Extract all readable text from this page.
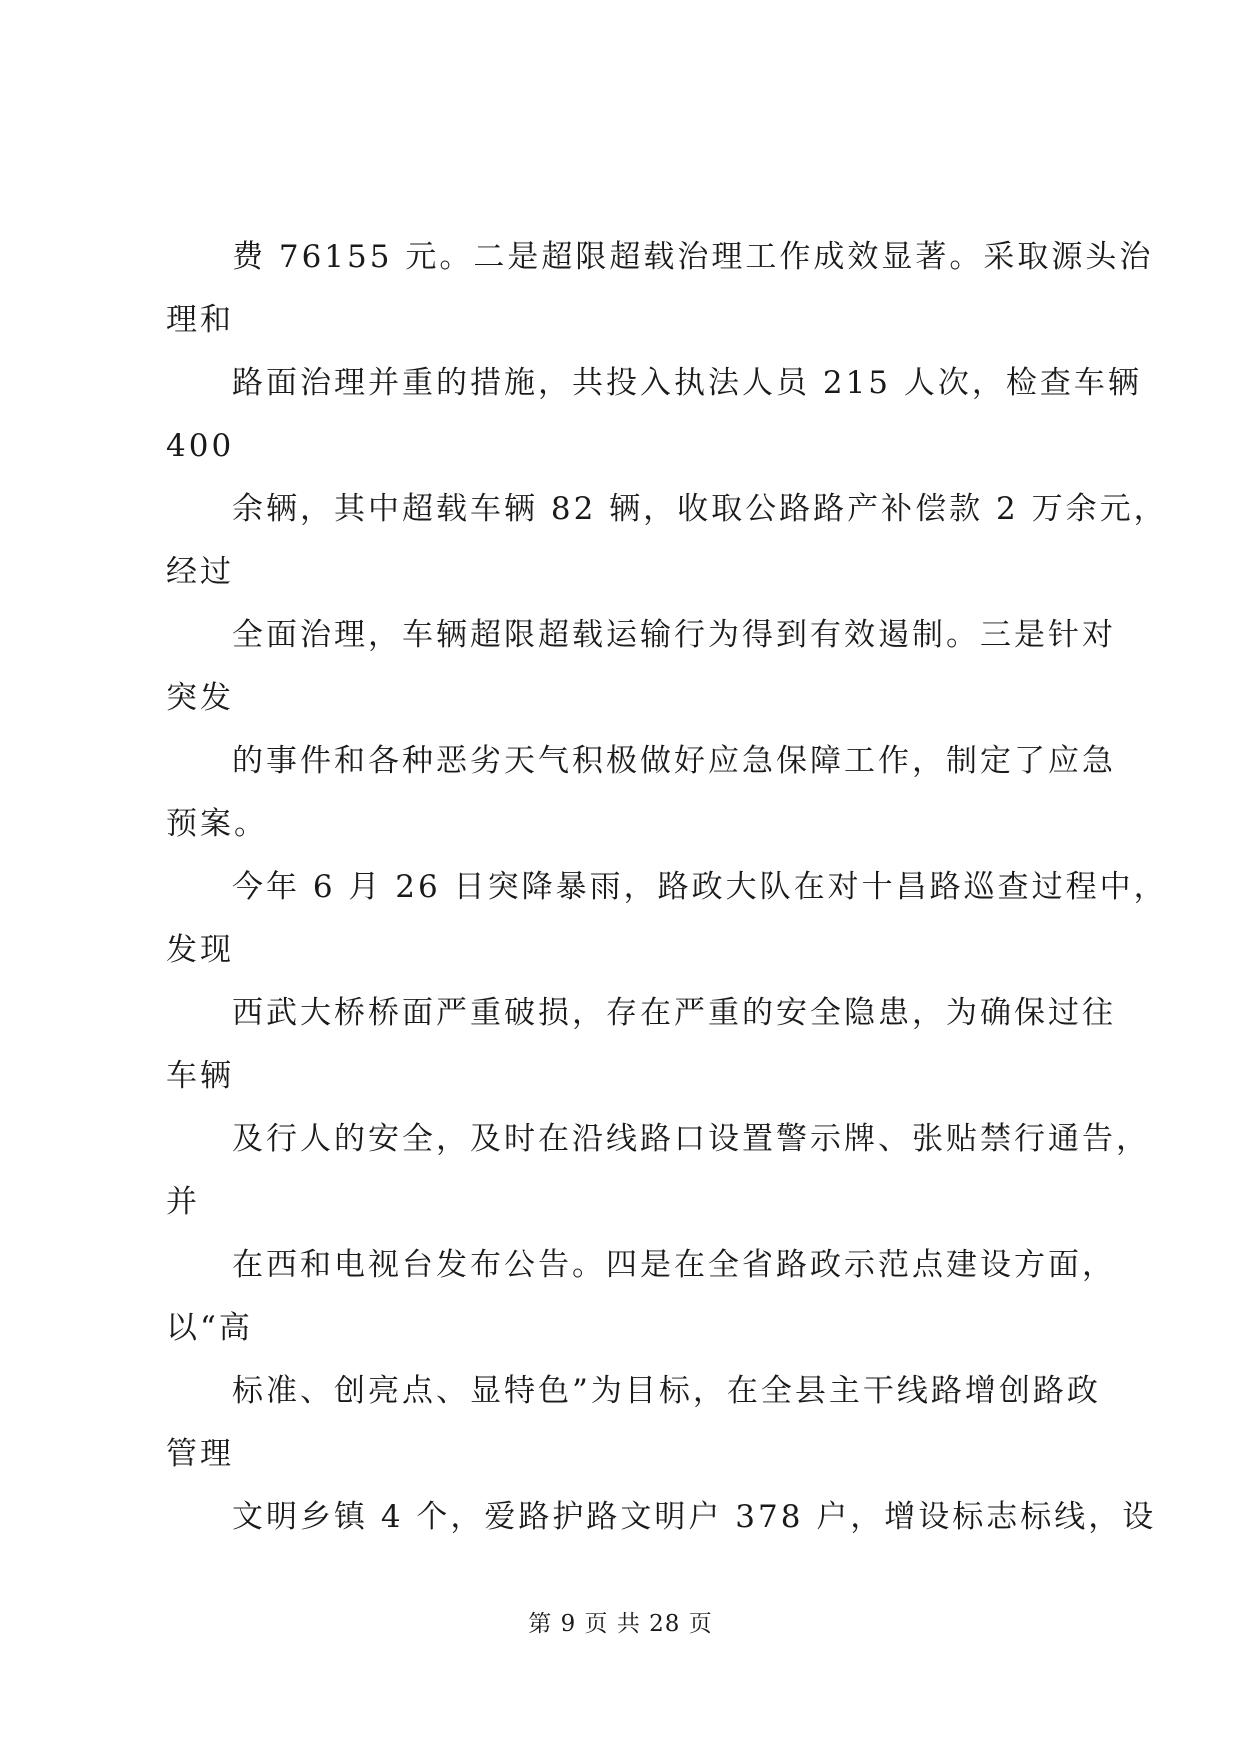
费 76155 元。二是超限超载治理工作成效显著。采取源头治
理和
路面治理并重的措施，共投入执法人员 215 人次，检查车辆
400
余辆，其中超载车辆 82 辆，收取公路路产补偿款 2 万余元，
经过
全面治理，车辆超限超载运输行为得到有效遏制。三是针对
突发
的事件和各种恶劣天气积极做好应急保障工作，制定了应急
预案。
今年 6 月 26 日突降暴雨，路政大队在对十昌路巡查过程中，
发现
西武大桥桥面严重破损，存在严重的安全隐患，为确保过往
车辆
及行人的安全，及时在沿线路口设置警示牌、张贴禁行通告，
并
在西和电视台发布公告。四是在全省路政示范点建设方面，
以“高
标准、创亮点、显特色”为目标，在全县主干线路增创路政
管理
文明乡镇 4 个，爱路护路文明户 378 户，增设标志标线，设
第 9 页 共 28 页
